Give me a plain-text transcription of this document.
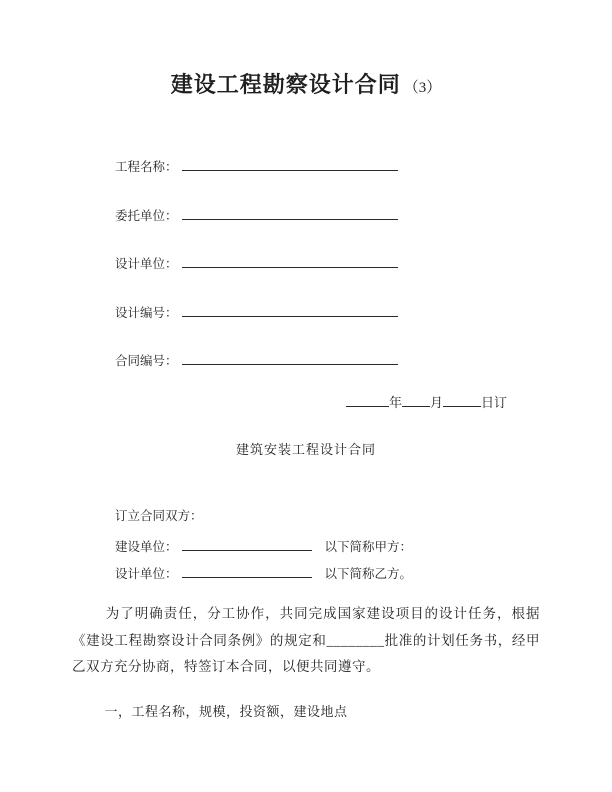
建设工程勘察设计合同 （3）
工程名称：
委托单位：
设计单位：
设计编号：
合同编号：
年 月	日订
建筑安装工程设计合同
订立合同双方：
建设单位：	以下简称甲方：
设计单位：	以下简称乙方。
为了明确责任，分工协作，共同完成国家建设项目的设计任务，根据《建设工程勘察设计合同条例》的规定和________批准的计划任务书，经甲乙双方充分协商，特签订本合同，以便共同遵守。
一，工程名称，规模，投资额，建设地点
